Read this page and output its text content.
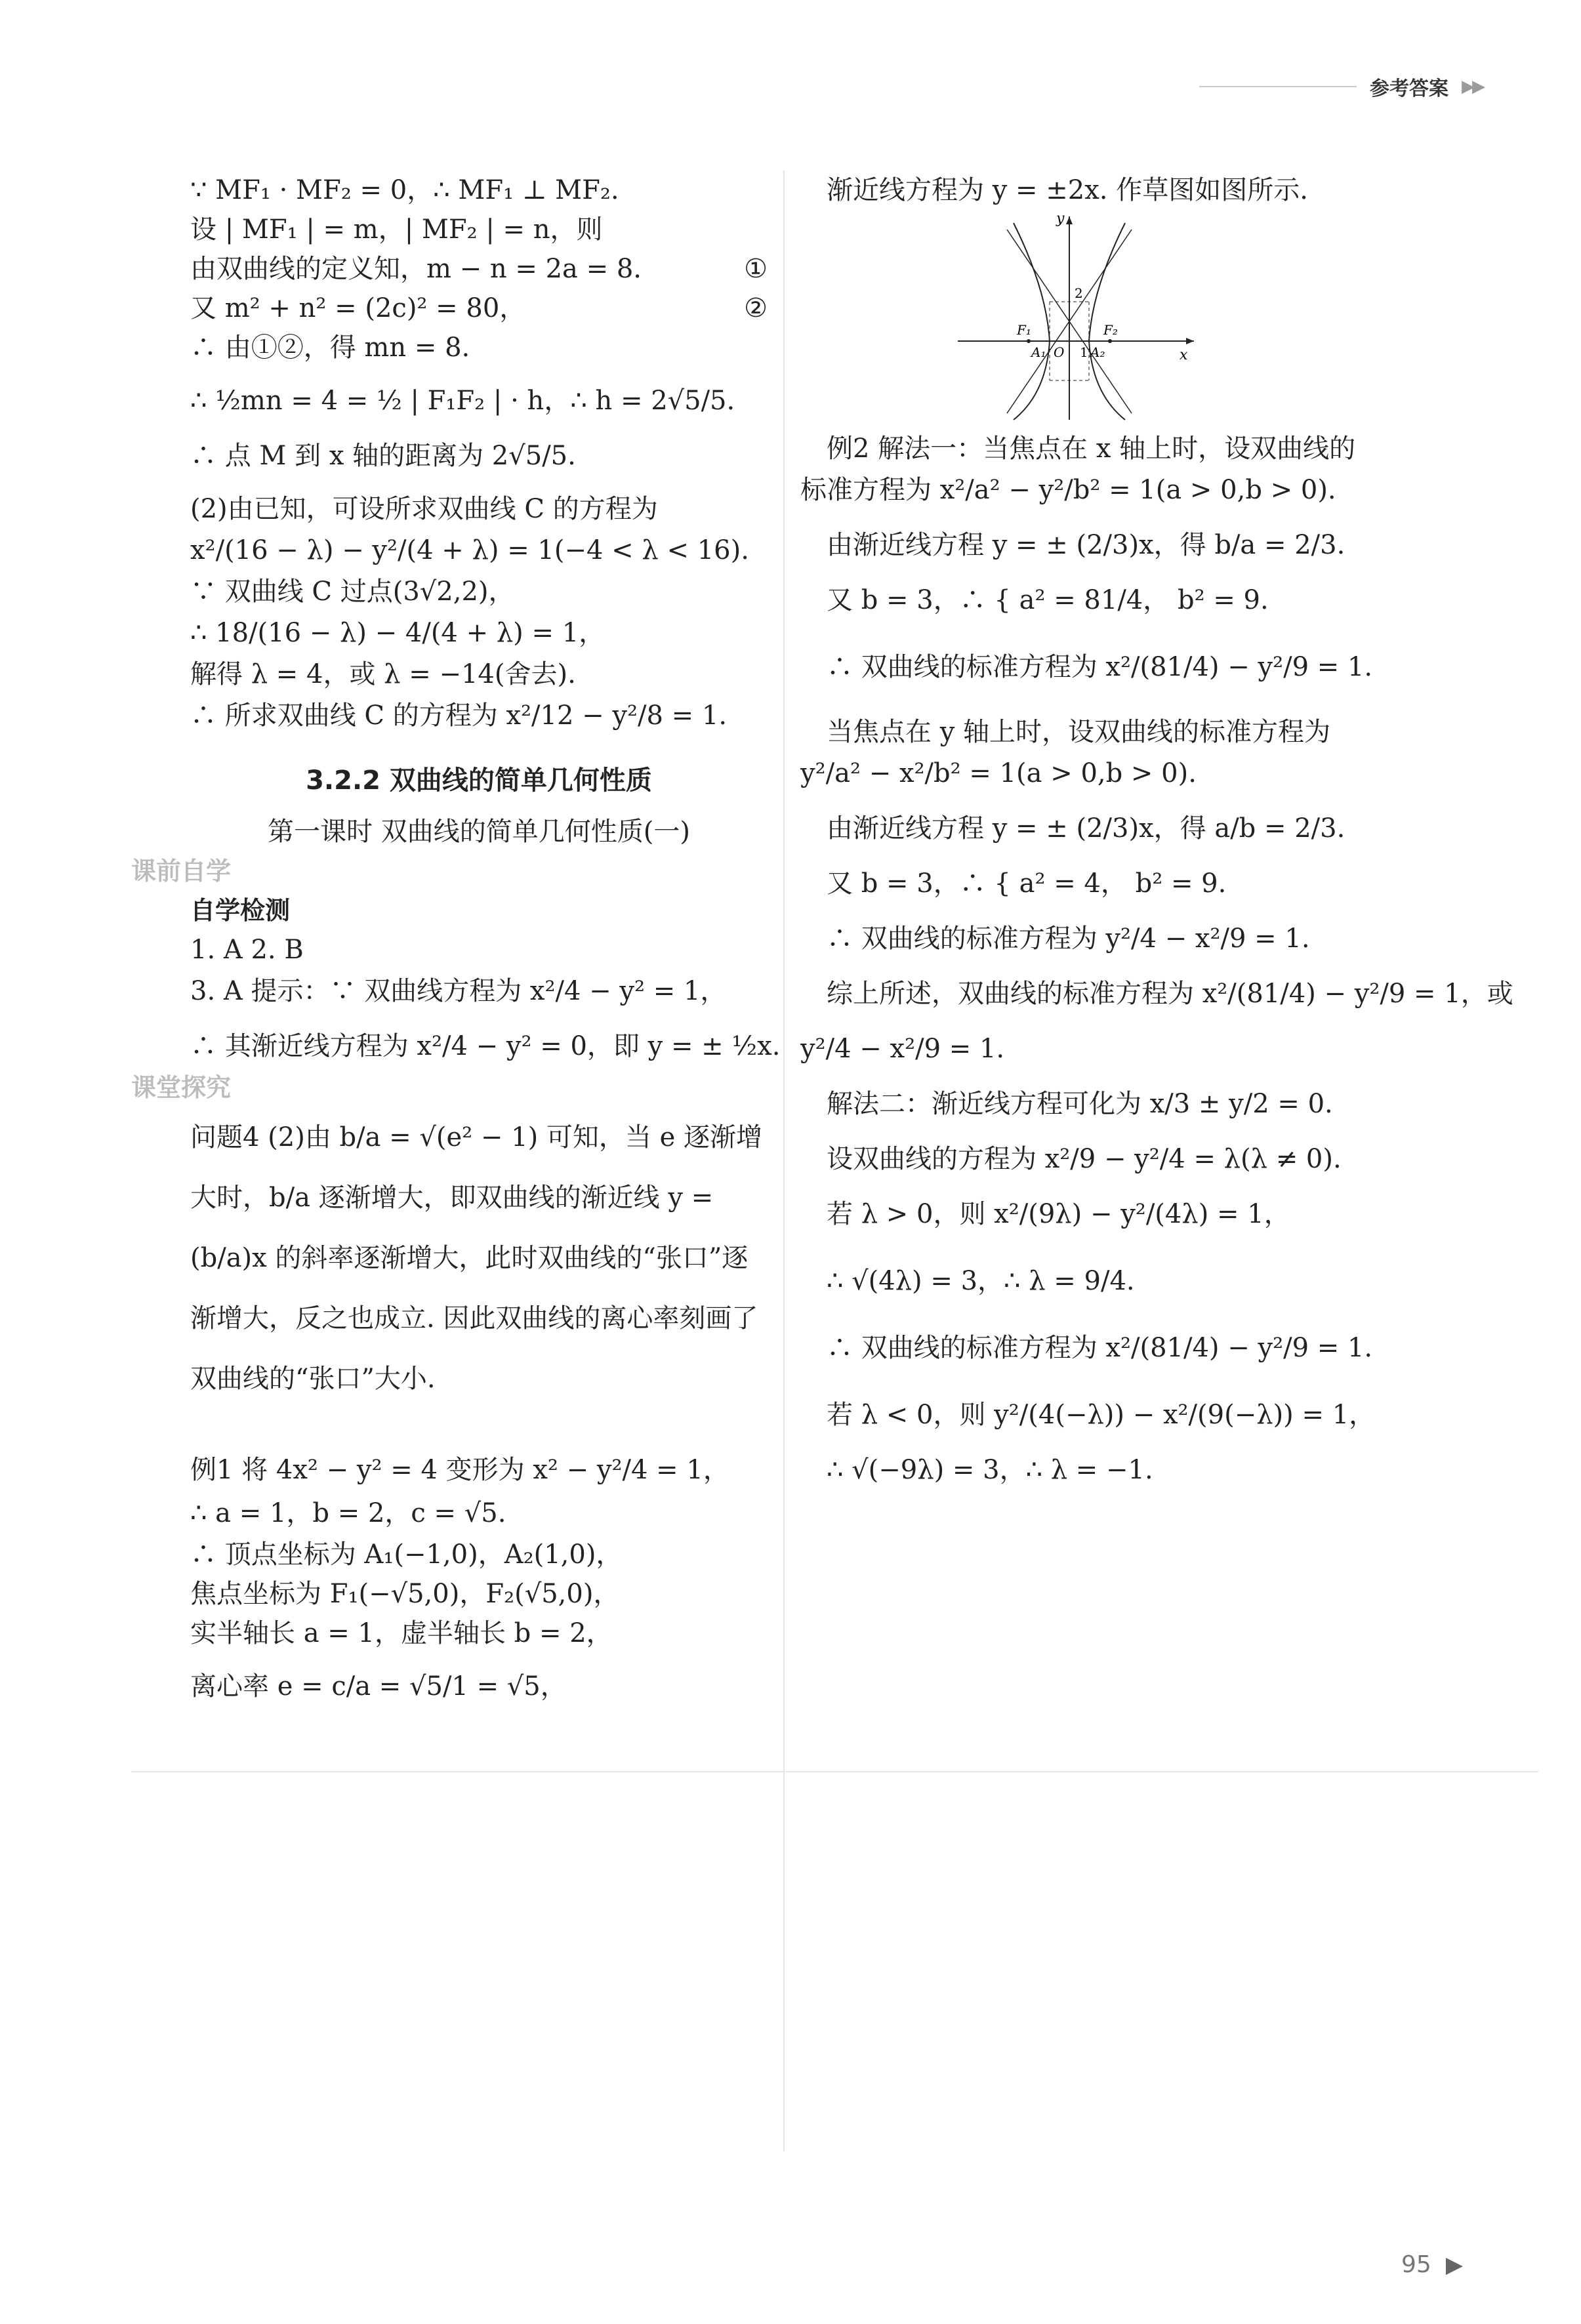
参考答案 ▶▶
∵ MF₁ · MF₂ = 0，∴ MF₁ ⊥ MF₂.
设 | MF₁ | = m，| MF₂ | = n，则
由双曲线的定义知，m − n = 2a = 8.	①
又 m² + n² = (2c)² = 80，	②
∴ 由①②，得 mn = 8.
∴ ½mn = 4 = ½ | F₁F₂ | · h，∴ h = 2√5/5.
∴ 点 M 到 x 轴的距离为 2√5/5.
(2)由已知，可设所求双曲线 C 的方程为
x²/(16 − λ) − y²/(4 + λ) = 1(−4 < λ < 16).
∵ 双曲线 C 过点(3√2,2)，
∴ 18/(16 − λ) − 4/(4 + λ) = 1，
解得 λ = 4，或 λ = −14(舍去).
∴ 所求双曲线 C 的方程为 x²/12 − y²/8 = 1.
3.2.2 双曲线的简单几何性质
第一课时 双曲线的简单几何性质(一)
课前自学
自学检测
1. A 2. B
3. A 提示：∵ 双曲线方程为 x²/4 − y² = 1，
∴ 其渐近线方程为 x²/4 − y² = 0，即 y = ± ½x.
课堂探究
问题4 (2)由 b/a = √(e² − 1) 可知，当 e 逐渐增大时，b/a 逐渐增大，即双曲线的渐近线 y = (b/a)x 的斜率逐渐增大，此时双曲线的“张口”逐渐增大，反之也成立. 因此双曲线的离心率刻画了双曲线的“张口”大小.
例1 将 4x² − y² = 4 变形为 x² − y²/4 = 1，
∴ a = 1，b = 2，c = √5.
∴ 顶点坐标为 A₁(−1,0)，A₂(1,0)，
焦点坐标为 F₁(−√5,0)，F₂(√5,0)，
实半轴长 a = 1，虚半轴长 b = 2，
离心率 e = c/a = √5/1 = √5，
渐近线方程为 y = ±2x. 作草图如图所示.
y
x
2
F₁	F₂
A₁ O 1 A₂
例2 解法一：当焦点在 x 轴上时，设双曲线的
标准方程为 x²/a² − y²/b² = 1(a > 0,b > 0).
由渐近线方程 y = ± (2/3)x，得 b/a = 2/3.
又 b = 3，∴ { a² = 81/4， b² = 9.
∴ 双曲线的标准方程为 x²/(81/4) − y²/9 = 1.
当焦点在 y 轴上时，设双曲线的标准方程为
y²/a² − x²/b² = 1(a > 0,b > 0).
由渐近线方程 y = ± (2/3)x，得 a/b = 2/3.
又 b = 3，∴ { a² = 4， b² = 9.
∴ 双曲线的标准方程为 y²/4 − x²/9 = 1.
综上所述，双曲线的标准方程为 x²/(81/4) − y²/9 = 1，或
y²/4 − x²/9 = 1.
解法二：渐近线方程可化为 x/3 ± y/2 = 0.
设双曲线的方程为 x²/9 − y²/4 = λ(λ ≠ 0).
若 λ > 0，则 x²/(9λ) − y²/(4λ) = 1，
∴ √(4λ) = 3，∴ λ = 9/4.
∴ 双曲线的标准方程为 x²/(81/4) − y²/9 = 1.
若 λ < 0，则 y²/(4(−λ)) − x²/(9(−λ)) = 1，
∴ √(−9λ) = 3，∴ λ = −1.
95 ▶
